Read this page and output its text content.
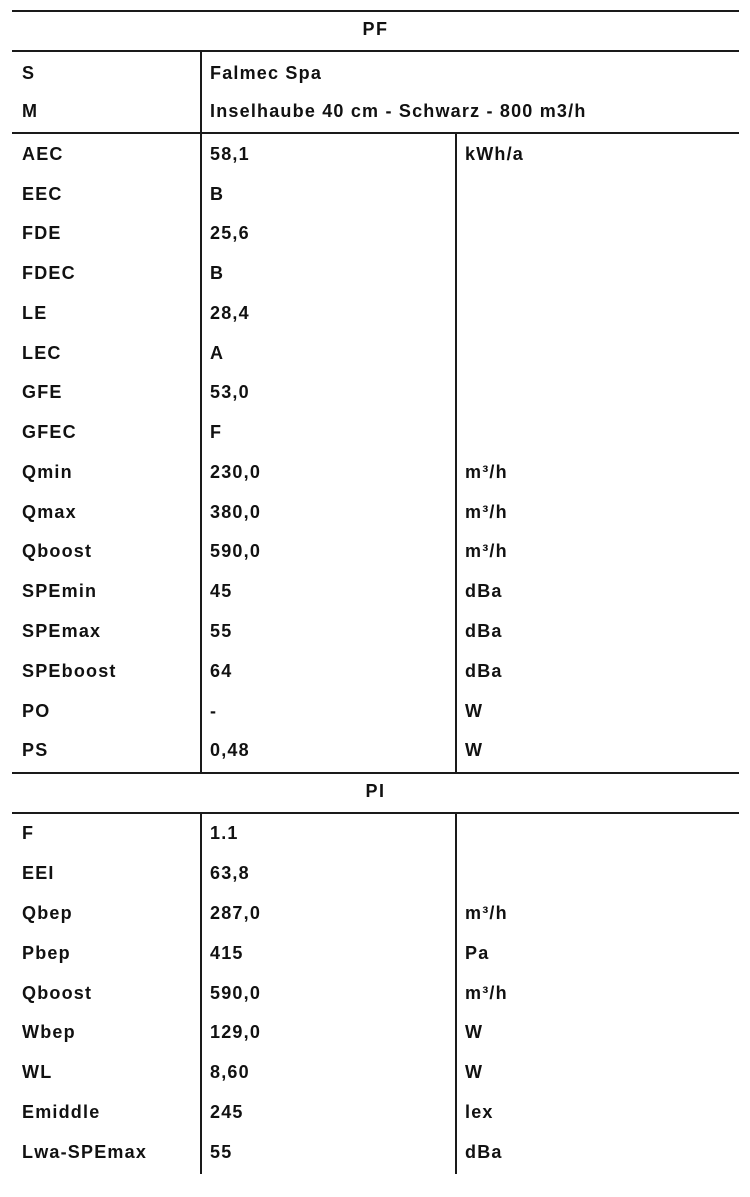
PF
S	Falmec Spa
M	Inselhaube 40 cm - Schwarz - 800 m3/h
AEC	58,1	kWh/a
EEC	B
FDE	25,6
FDEC	B
LE	28,4
LEC	A
GFE	53,0
GFEC	F
Qmin	230,0	m³/h
Qmax	380,0	m³/h
Qboost	590,0	m³/h
SPEmin	45	dBa
SPEmax	55	dBa
SPEboost	64	dBa
PO	-	W
PS	0,48	W
PI
F	1.1
EEI	63,8
Qbep	287,0	m³/h
Pbep	415	Pa
Qboost	590,0	m³/h
Wbep	129,0	W
WL	8,60	W
Emiddle	245	lex
Lwa-SPEmax	55	dBa
